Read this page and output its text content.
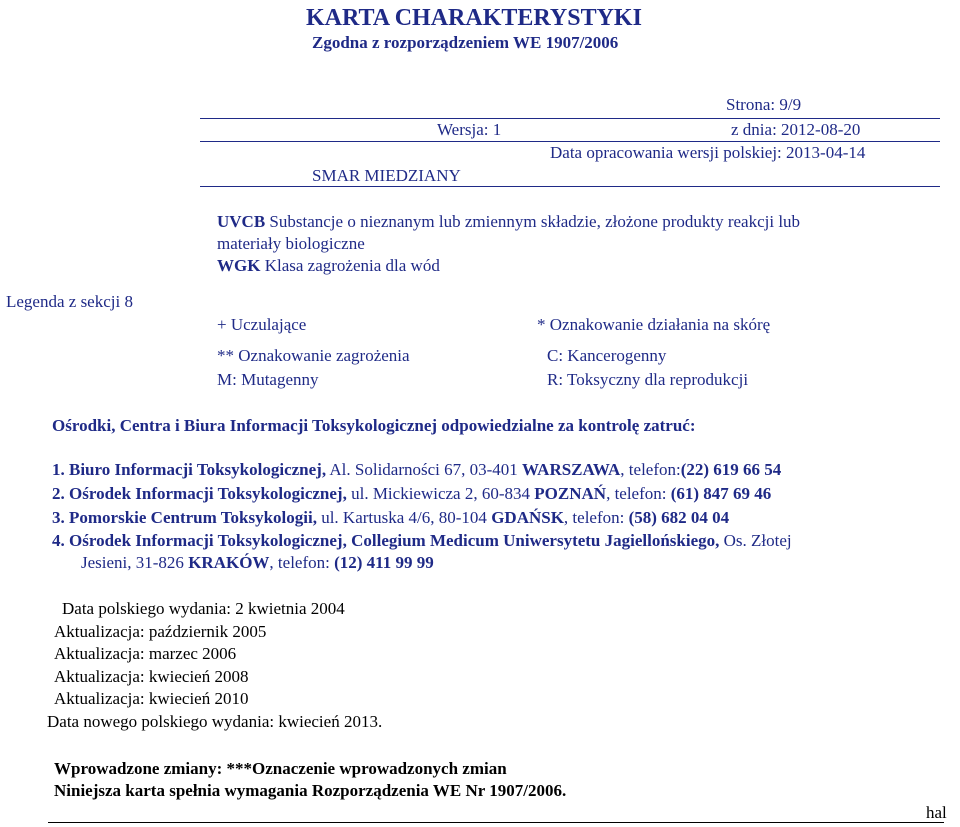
KARTA CHARAKTERYSTYKI
Zgodna z rozporządzeniem WE 1907/2006
Strona: 9/9
Wersja: 1	z dnia: 2012-08-20
Data opracowania wersji polskiej: 2013-04-14
SMAR MIEDZIANY
Legenda z sekcji 8
UVCB Substancje o nieznanym lub zmiennym składzie, złożone produkty reakcji lub
materiały biologiczne
WGK Klasa zagrożenia dla wód
+ Uczulające	* Oznakowanie działania na skórę
** Oznakowanie zagrożenia	C: Kancerogenny
M: Mutagenny	R: Toksyczny dla reprodukcji
Ośrodki, Centra i Biura Informacji Toksykologicznej odpowiedzialne za kontrolę zatruć:
1. Biuro Informacji Toksykologicznej, Al. Solidarności 67, 03-401 WARSZAWA, telefon:(22) 619 66 54
2. Ośrodek Informacji Toksykologicznej, ul. Mickiewicza 2, 60-834 POZNAŃ, telefon: (61) 847 69 46
3. Pomorskie Centrum Toksykologii, ul. Kartuska 4/6, 80-104 GDAŃSK, telefon: (58) 682 04 04
4. Ośrodek Informacji Toksykologicznej, Collegium Medicum Uniwersytetu Jagiellońskiego, Os. Złotej
Jesieni, 31-826 KRAKÓW, telefon: (12) 411 99 99
Data polskiego wydania: 2 kwietnia 2004
Aktualizacja: październik 2005
Aktualizacja: marzec 2006
Aktualizacja: kwiecień 2008
Aktualizacja: kwiecień 2010
Data nowego polskiego wydania: kwiecień 2013.
Wprowadzone zmiany: ***Oznaczenie wprowadzonych zmian
Niniejsza karta spełnia wymagania Rozporządzenia WE Nr 1907/2006.
hal
